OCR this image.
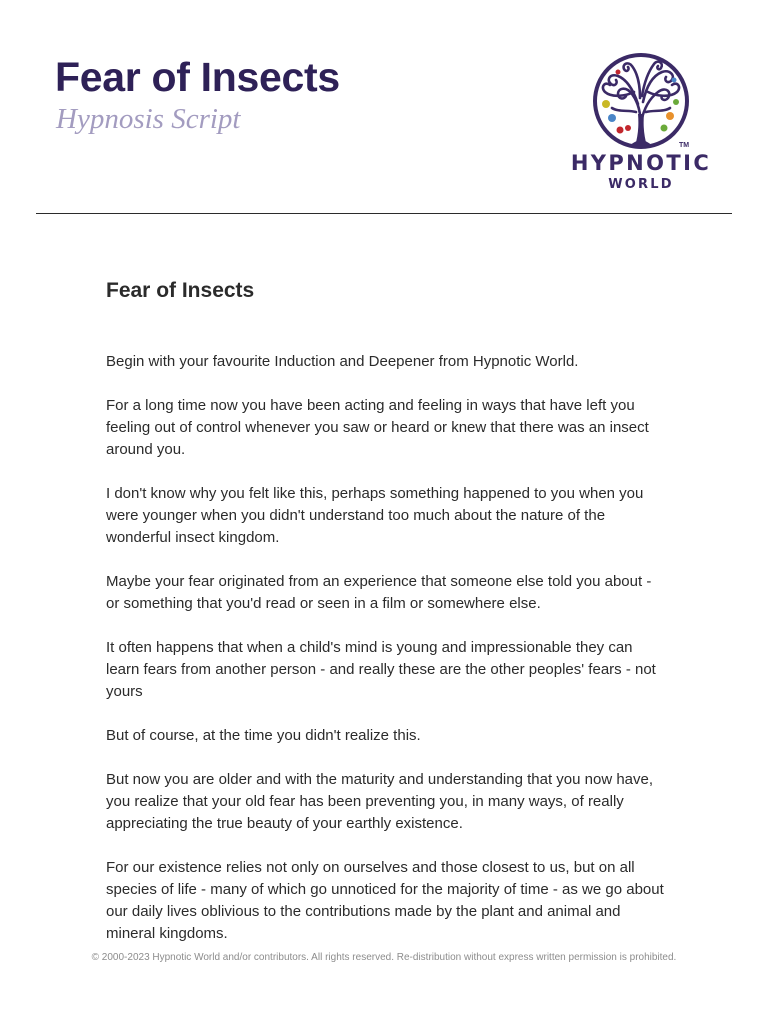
Fear of Insects
Hypnosis Script
TM
HYPNOTIC
WORLD
Fear of Insects

Begin with your favourite Induction and Deepener from Hypnotic World.

For a long time now you have been acting and feeling in ways that have left you feeling out of control whenever you saw or heard or knew that there was an insect around you.

I don't know why you felt like this, perhaps something happened to you when you were younger when you didn't understand too much about the nature of the wonderful insect kingdom.

Maybe your fear originated from an experience that someone else told you about - or something that you'd read or seen in a film or somewhere else.

It often happens that when a child's mind is young and impressionable they can learn fears from another person - and really these are the other peoples' fears - not yours

But of course, at the time you didn't realize this.

But now you are older and with the maturity and understanding that you now have, you realize that your old fear has been preventing you, in many ways, of really appreciating the true beauty of your earthly existence.

For our existence relies not only on ourselves and those closest to us, but on all species of life - many of which go unnoticed for the majority of time - as we go about our daily lives oblivious to the contributions made by the plant and animal and mineral kingdoms.

© 2000-2023 Hypnotic World and/or contributors. All rights reserved. Re-distribution without express written permission is prohibited.
